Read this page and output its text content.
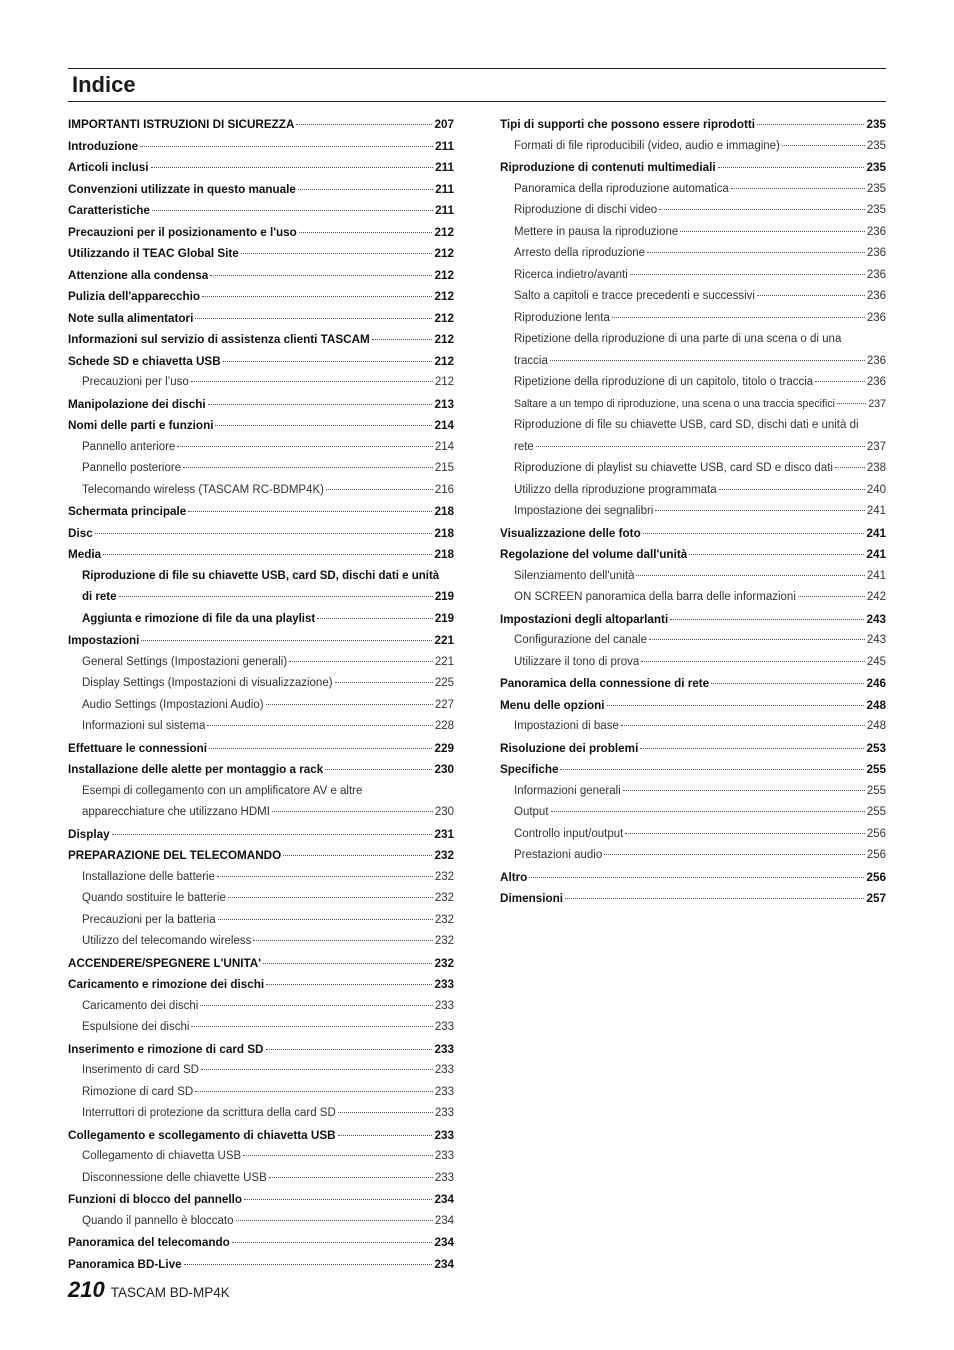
Indice
IMPORTANTI ISTRUZIONI DI SICUREZZA	207
Introduzione	211
Articoli inclusi	211
Convenzioni utilizzate in questo manuale	211
Caratteristiche	211
Precauzioni per il posizionamento e l'uso	212
Utilizzando il TEAC Global Site	212
Attenzione alla condensa	212
Pulizia dell'apparecchio	212
Note sulla alimentatori	212
Informazioni sul servizio di assistenza clienti TASCAM	212
Schede SD e chiavetta USB	212
Precauzioni per l’uso	212
Manipolazione dei dischi	213
Nomi delle parti e funzioni	214
Pannello anteriore	214
Pannello posteriore	215
Telecomando wireless (TASCAM RC-BDMP4K)	216
Schermata principale	218
Disc	218
Media	218
Riproduzione di file su chiavette USB, card SD, dischi dati e unità
di rete	219
Aggiunta e rimozione di file da una playlist	219
Impostazioni	221
General Settings (Impostazioni generali)	221
Display Settings (Impostazioni di visualizzazione)	225
Audio Settings (Impostazioni Audio)	227
Informazioni sul sistema	228
Effettuare le connessioni	229
Installazione delle alette per montaggio a rack	230
Esempi di collegamento con un amplificatore AV e altre
apparecchiature che utilizzano HDMI	230
Display	231
PREPARAZIONE DEL TELECOMANDO	232
Installazione delle batterie	232
Quando sostituire le batterie	232
Precauzioni per la batteria	232
Utilizzo del telecomando wireless	232
ACCENDERE/SPEGNERE L'UNITA'	232
Caricamento e rimozione dei dischi	233
Caricamento dei dischi	233
Espulsione dei dischi	233
Inserimento e rimozione di card SD	233
Inserimento di card SD	233
Rimozione di card SD	233
Interruttori di protezione da scrittura della card SD	233
Collegamento e scollegamento di chiavetta USB	233
Collegamento di chiavetta USB	233
Disconnessione delle chiavette USB	233
Funzioni di blocco del pannello	234
Quando il pannello è bloccato	234
Panoramica del telecomando	234
Panoramica BD-Live	234
Tipi di supporti che possono essere riprodotti	235
Formati di file riproducibili (video, audio e immagine)	235
Riproduzione di contenuti multimediali	235
Panoramica della riproduzione automatica	235
Riproduzione di dischi video	235
Mettere in pausa la riproduzione	236
Arresto della riproduzione	236
Ricerca indietro/avanti	236
Salto a capitoli e tracce precedenti e successivi	236
Riproduzione lenta	236
Ripetizione della riproduzione di una parte di una scena o di una
traccia	236
Ripetizione della riproduzione di un capitolo, titolo o traccia	236
Saltare a un tempo di riproduzione, una scena o una traccia specifici	237
Riproduzione di file su chiavette USB, card SD, dischi dati e unità di
rete	237
Riproduzione di playlist su chiavette USB, card SD e disco dati	238
Utilizzo della riproduzione programmata	240
Impostazione dei segnalibri	241
Visualizzazione delle foto	241
Regolazione del volume dall'unità	241
Silenziamento dell'unità	241
ON SCREEN panoramica della barra delle informazioni	242
Impostazioni degli altoparlanti	243
Configurazione del canale	243
Utilizzare il tono di prova	245
Panoramica della connessione di rete	246
Menu delle opzioni	248
Impostazioni di base	248
Risoluzione dei problemi	253
Specifiche	255
Informazioni generali	255
Output	255
Controllo input/output	256
Prestazioni audio	256
Altro	256
Dimensioni	257
210 TASCAM BD-MP4K
